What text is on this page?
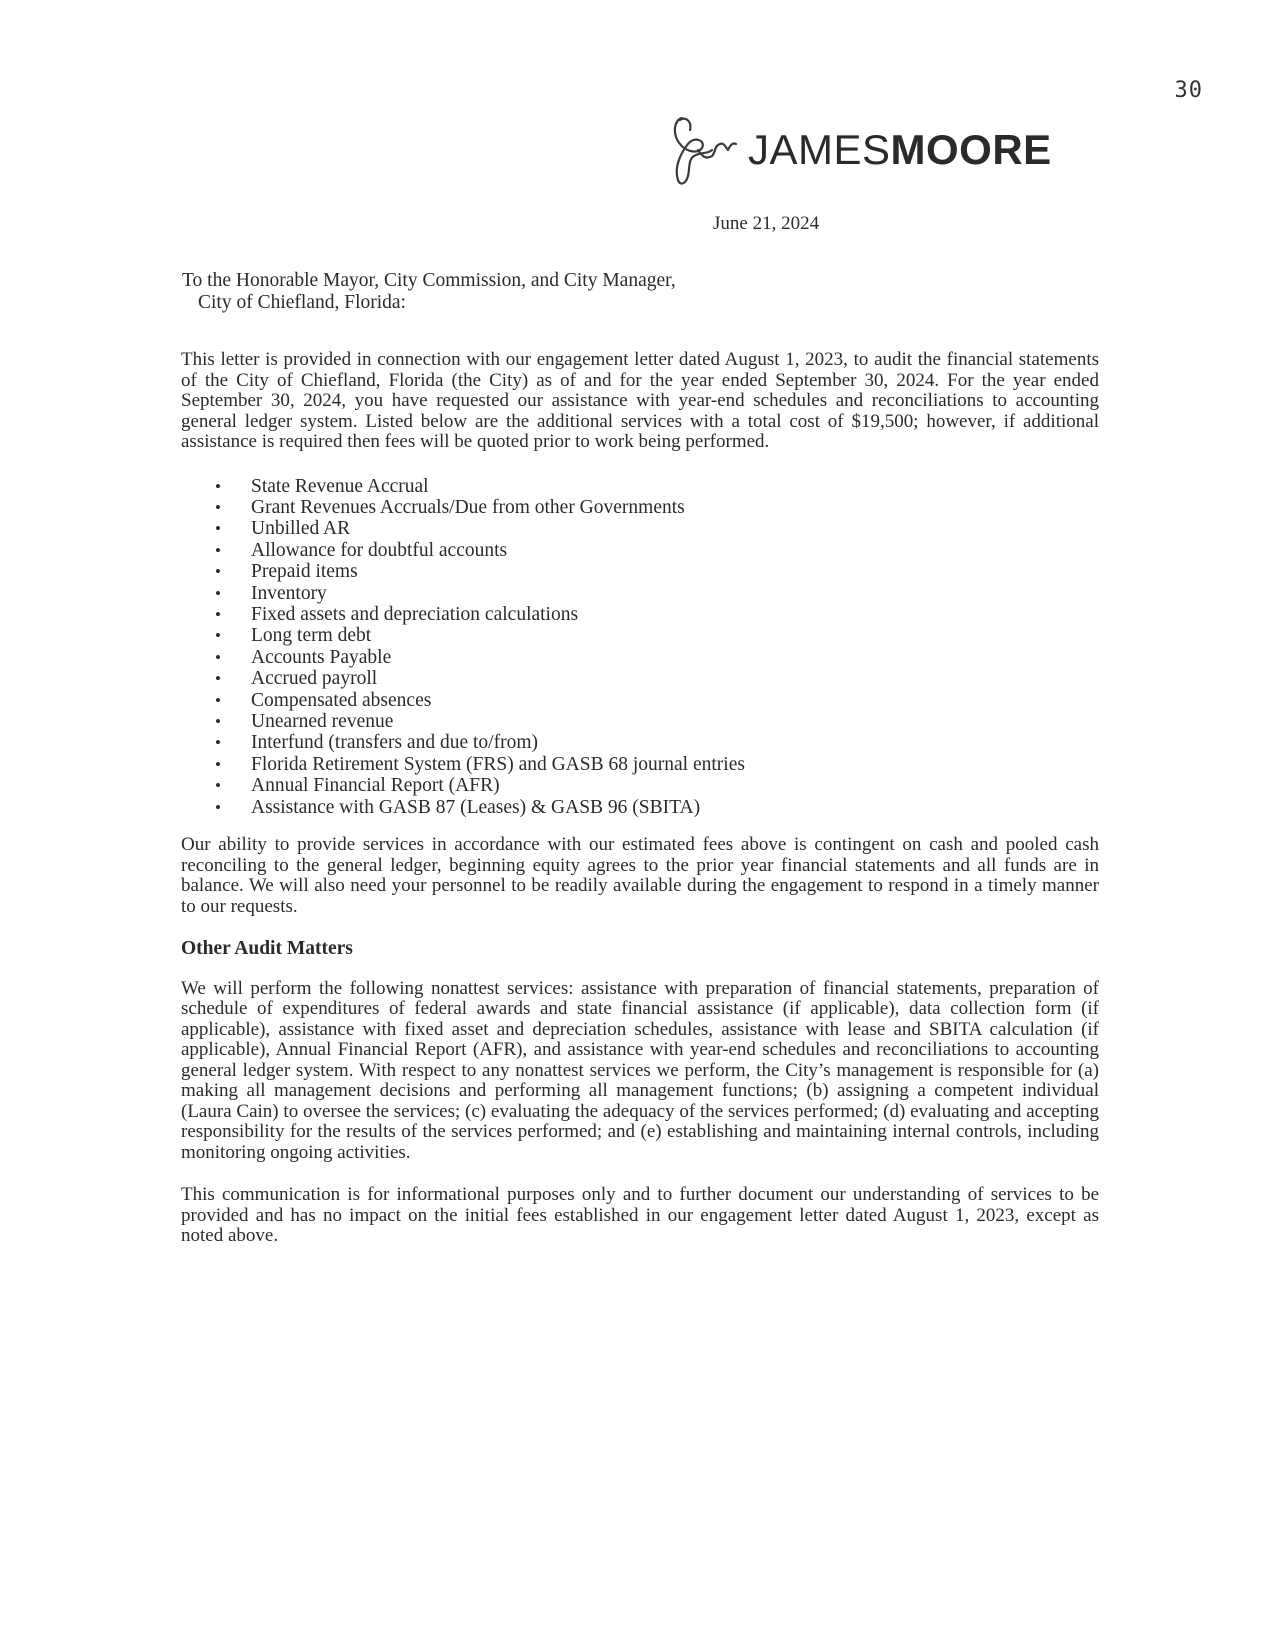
30
JAMESMOORE
June 21, 2024
To the Honorable Mayor, City Commission, and City Manager,
City of Chiefland, Florida:

This letter is provided in connection with our engagement letter dated August 1, 2023, to audit the financial statements of the City of Chiefland, Florida (the City) as of and for the year ended September 30, 2024. For the year ended September 30, 2024, you have requested our assistance with year-end schedules and reconciliations to accounting general ledger system. Listed below are the additional services with a total cost of $19,500; however, if additional assistance is required then fees will be quoted prior to work being performed.

• State Revenue Accrual
• Grant Revenues Accruals/Due from other Governments
• Unbilled AR
• Allowance for doubtful accounts
• Prepaid items
• Inventory
• Fixed assets and depreciation calculations
• Long term debt
• Accounts Payable
• Accrued payroll
• Compensated absences
• Unearned revenue
• Interfund (transfers and due to/from)
• Florida Retirement System (FRS) and GASB 68 journal entries
• Annual Financial Report (AFR)
• Assistance with GASB 87 (Leases) & GASB 96 (SBITA)

Our ability to provide services in accordance with our estimated fees above is contingent on cash and pooled cash reconciling to the general ledger, beginning equity agrees to the prior year financial statements and all funds are in balance. We will also need your personnel to be readily available during the engagement to respond in a timely manner to our requests.

Other Audit Matters

We will perform the following nonattest services: assistance with preparation of financial statements, preparation of schedule of expenditures of federal awards and state financial assistance (if applicable), data collection form (if applicable), assistance with fixed asset and depreciation schedules, assistance with lease and SBITA calculation (if applicable), Annual Financial Report (AFR), and assistance with year-end schedules and reconciliations to accounting general ledger system. With respect to any nonattest services we perform, the City’s management is responsible for (a) making all management decisions and performing all management functions; (b) assigning a competent individual (Laura Cain) to oversee the services; (c) evaluating the adequacy of the services performed; (d) evaluating and accepting responsibility for the results of the services performed; and (e) establishing and maintaining internal controls, including monitoring ongoing activities.

This communication is for informational purposes only and to further document our understanding of services to be provided and has no impact on the initial fees established in our engagement letter dated August 1, 2023, except as noted above.
